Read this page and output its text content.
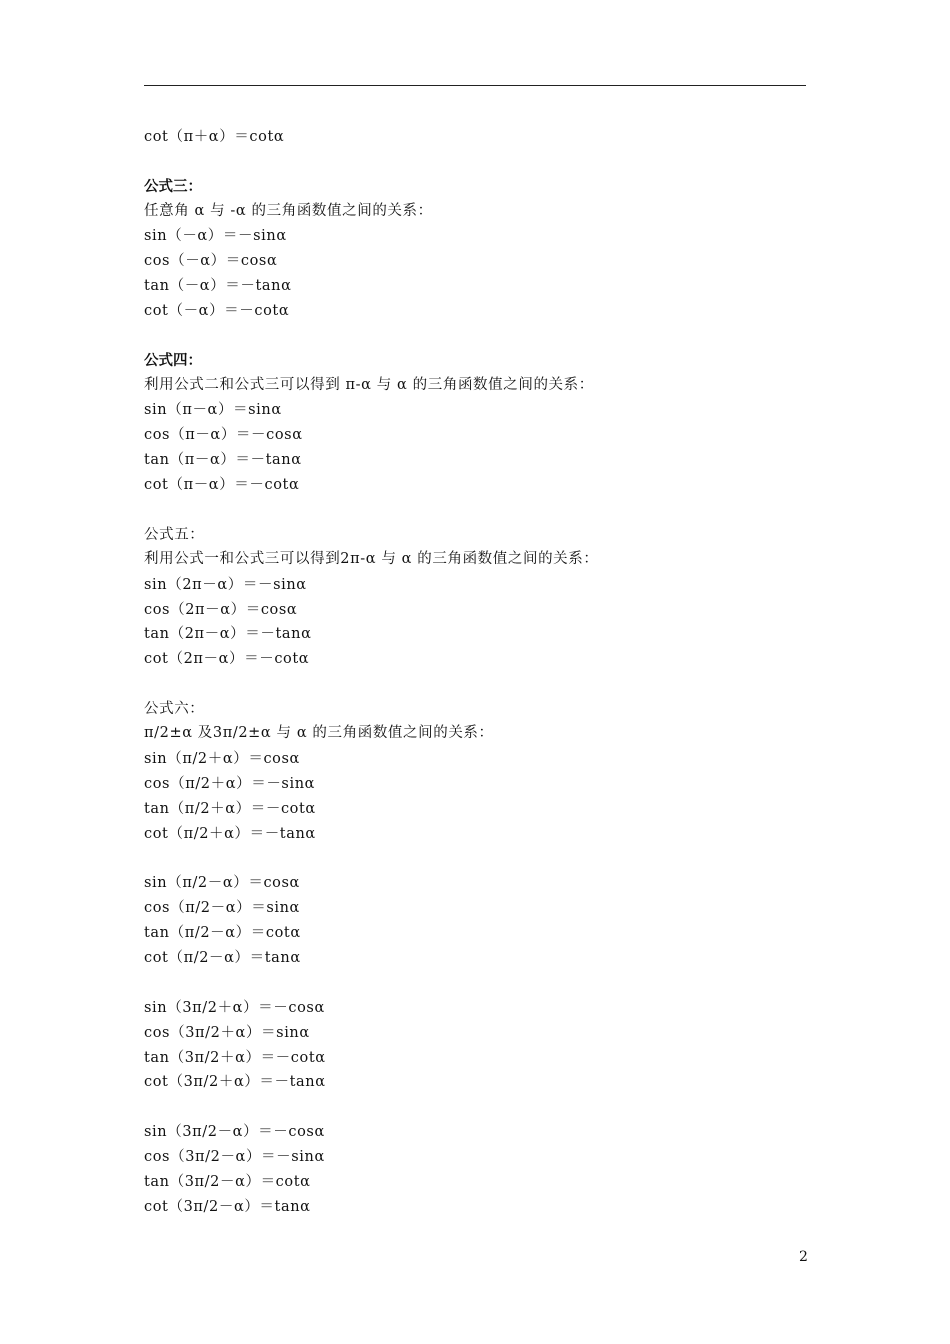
cot（π＋α）＝cotα
公式三：
任意角 α 与 -α 的三角函数值之间的关系：
sin（－α）＝－sinα
cos（－α）＝cosα
tan（－α）＝－tanα
cot（－α）＝－cotα
公式四：
利用公式二和公式三可以得到 π-α 与 α 的三角函数值之间的关系：
sin（π－α）＝sinα
cos（π－α）＝－cosα
tan（π－α）＝－tanα
cot（π－α）＝－cotα
公式五：
利用公式一和公式三可以得到2π-α 与 α 的三角函数值之间的关系：
sin（2π－α）＝－sinα
cos（2π－α）＝cosα
tan（2π－α）＝－tanα
cot（2π－α）＝－cotα
公式六：
π/2±α 及3π/2±α 与 α 的三角函数值之间的关系：
sin（π/2＋α）＝cosα
cos（π/2＋α）＝－sinα
tan（π/2＋α）＝－cotα
cot（π/2＋α）＝－tanα
sin（π/2－α）＝cosα
cos（π/2－α）＝sinα
tan（π/2－α）＝cotα
cot（π/2－α）＝tanα
sin（3π/2＋α）＝－cosα
cos（3π/2＋α）＝sinα
tan（3π/2＋α）＝－cotα
cot（3π/2＋α）＝－tanα
sin（3π/2－α）＝－cosα
cos（3π/2－α）＝－sinα
tan（3π/2－α）＝cotα
cot（3π/2－α）＝tanα
2
